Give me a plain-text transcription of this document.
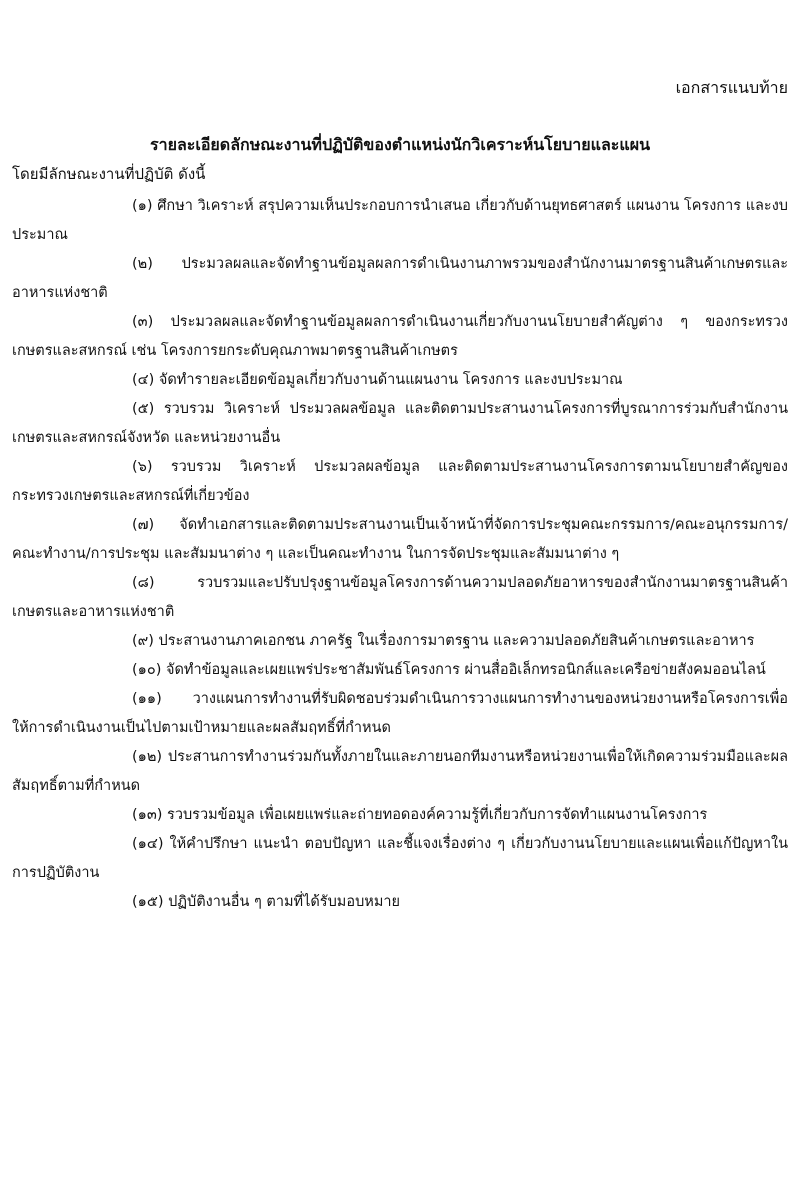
เอกสารแนบท้าย

รายละเอียดลักษณะงานที่ปฏิบัติของตำแหน่งนักวิเคราะห์นโยบายและแผน

โดยมีลักษณะงานที่ปฏิบัติ ดังนี้

(๑) ศึกษา วิเคราะห์ สรุปความเห็นประกอบการนำเสนอ เกี่ยวกับด้านยุทธศาสตร์ แผนงาน โครงการ และงบประมาณ

(๒) ประมวลผลและจัดทำฐานข้อมูลผลการดำเนินงานภาพรวมของสำนักงานมาตรฐานสินค้าเกษตรและอาหารแห่งชาติ

(๓) ประมวลผลและจัดทำฐานข้อมูลผลการดำเนินงานเกี่ยวกับงานนโยบายสำคัญต่าง ๆ ของกระทรวงเกษตรและสหกรณ์ เช่น โครงการยกระดับคุณภาพมาตรฐานสินค้าเกษตร

(๔) จัดทำรายละเอียดข้อมูลเกี่ยวกับงานด้านแผนงาน โครงการ และงบประมาณ

(๕) รวบรวม วิเคราะห์ ประมวลผลข้อมูล และติดตามประสานงานโครงการที่บูรณาการร่วมกับสำนักงานเกษตรและสหกรณ์จังหวัด และหน่วยงานอื่น

(๖) รวบรวม วิเคราะห์ ประมวลผลข้อมูล และติดตามประสานงานโครงการตามนโยบายสำคัญของกระทรวงเกษตรและสหกรณ์ที่เกี่ยวข้อง

(๗) จัดทำเอกสารและติดตามประสานงานเป็นเจ้าหน้าที่จัดการประชุมคณะกรรมการ/คณะอนุกรรมการ/คณะทำงาน/การประชุม และสัมมนาต่าง ๆ และเป็นคณะทำงาน ในการจัดประชุมและสัมมนาต่าง ๆ

(๘) รวบรวมและปรับปรุงฐานข้อมูลโครงการด้านความปลอดภัยอาหารของสำนักงานมาตรฐานสินค้าเกษตรและอาหารแห่งชาติ

(๙) ประสานงานภาคเอกชน ภาครัฐ ในเรื่องการมาตรฐาน และความปลอดภัยสินค้าเกษตรและอาหาร

(๑๐) จัดทำข้อมูลและเผยแพร่ประชาสัมพันธ์โครงการ ผ่านสื่ออิเล็กทรอนิกส์และเครือข่ายสังคมออนไลน์

(๑๑) วางแผนการทำงานที่รับผิดชอบร่วมดำเนินการวางแผนการทำงานของหน่วยงานหรือโครงการเพื่อให้การดำเนินงานเป็นไปตามเป้าหมายและผลสัมฤทธิ์ที่กำหนด

(๑๒) ประสานการทำงานร่วมกันทั้งภายในและภายนอกทีมงานหรือหน่วยงานเพื่อให้เกิดความร่วมมือและผลสัมฤทธิ์ตามที่กำหนด

(๑๓) รวบรวมข้อมูล เพื่อเผยแพร่และถ่ายทอดองค์ความรู้ที่เกี่ยวกับการจัดทำแผนงานโครงการ

(๑๔) ให้คำปรึกษา แนะนำ ตอบปัญหา และชี้แจงเรื่องต่าง ๆ เกี่ยวกับงานนโยบายและแผนเพื่อแก้ปัญหาในการปฏิบัติงาน

(๑๕) ปฏิบัติงานอื่น ๆ ตามที่ได้รับมอบหมาย
